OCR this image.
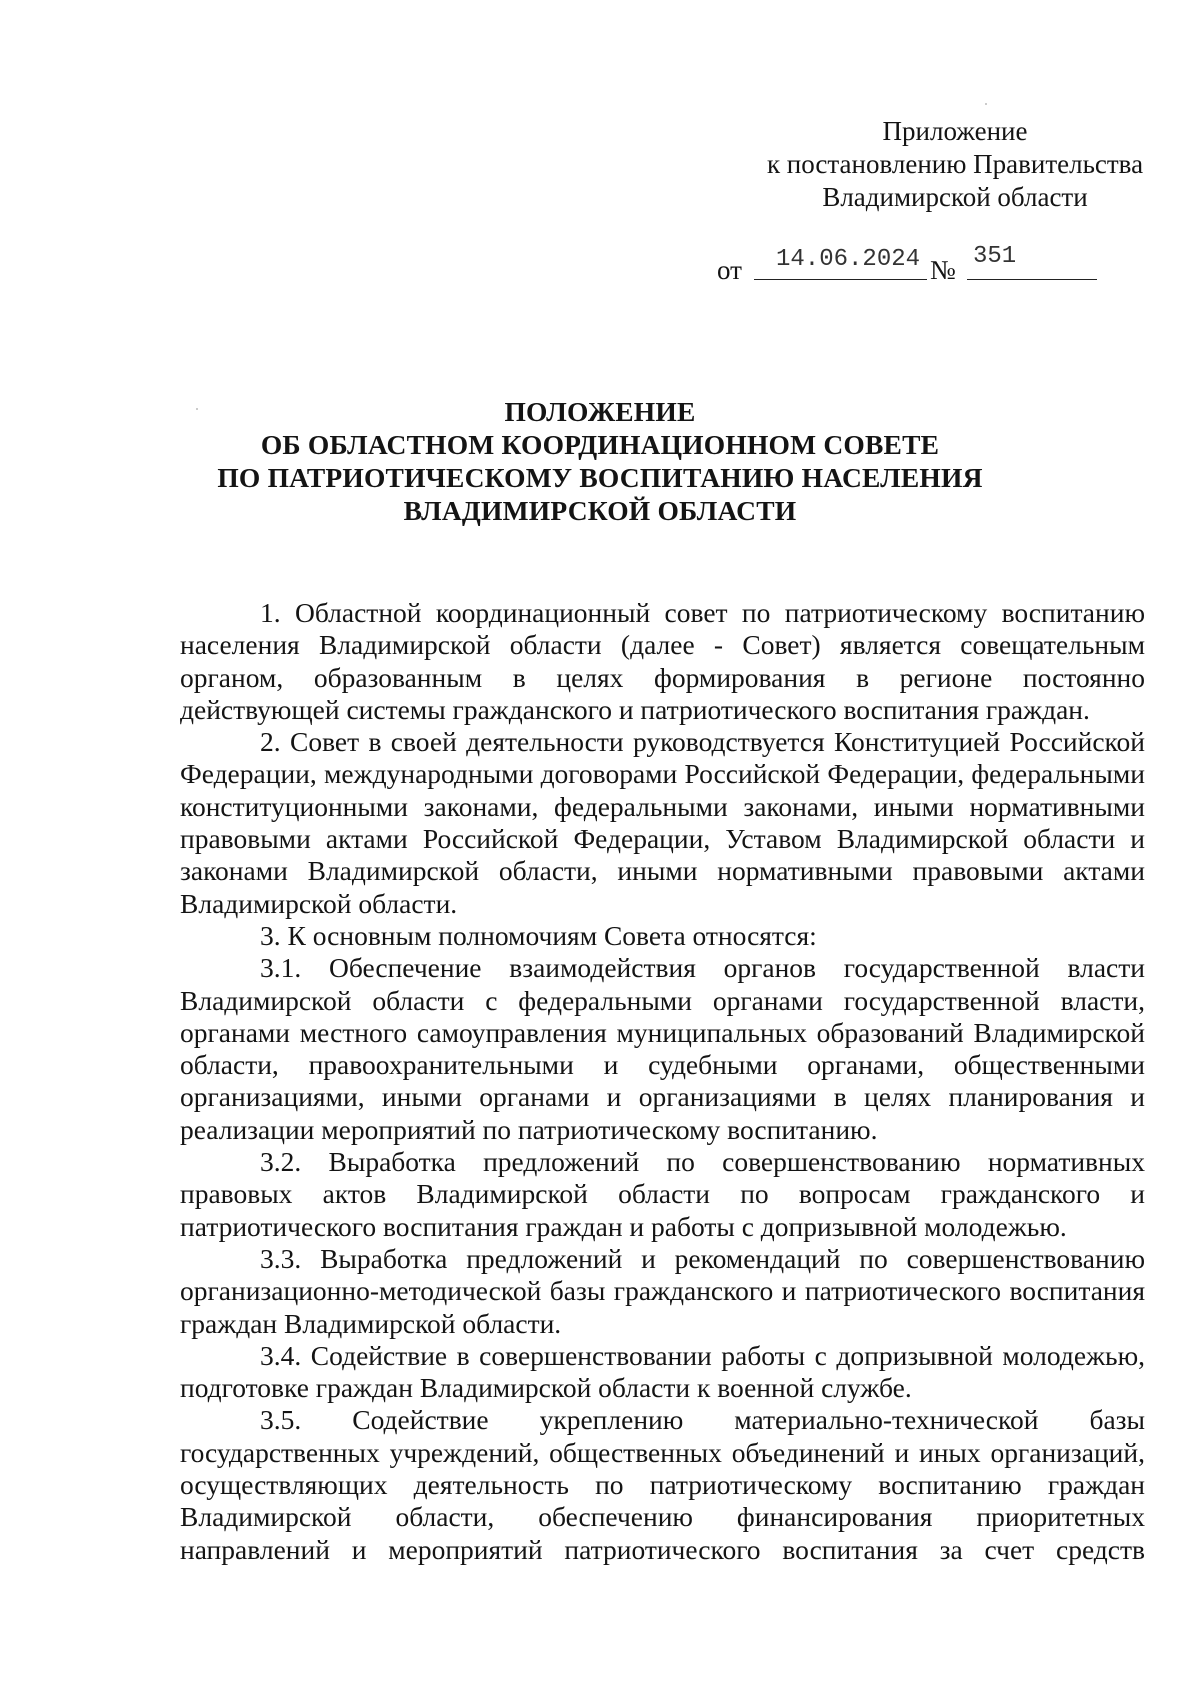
Приложение
к постановлению Правительства
Владимирской области
от 14.06.2024 № 351
ПОЛОЖЕНИЕ
ОБ ОБЛАСТНОМ КООРДИНАЦИОННОМ СОВЕТЕ
ПО ПАТРИОТИЧЕСКОМУ ВОСПИТАНИЮ НАСЕЛЕНИЯ
ВЛАДИМИРСКОЙ ОБЛАСТИ

1. Областной координационный совет по патриотическому воспитанию населения Владимирской области (далее - Совет) является совещательным органом, образованным в целях формирования в регионе постоянно действующей системы гражданского и патриотического воспитания граждан.

2. Совет в своей деятельности руководствуется Конституцией Российской Федерации, международными договорами Российской Федерации, федеральными конституционными законами, федеральными законами, иными нормативными правовыми актами Российской Федерации, Уставом Владимирской области и законами Владимирской области, иными нормативными правовыми актами Владимирской области.

3. К основным полномочиям Совета относятся:

3.1. Обеспечение взаимодействия органов государственной власти Владимирской области с федеральными органами государственной власти, органами местного самоуправления муниципальных образований Владимирской области, правоохранительными и судебными органами, общественными организациями, иными органами и организациями в целях планирования и реализации мероприятий по патриотическому воспитанию.

3.2. Выработка предложений по совершенствованию нормативных правовых актов Владимирской области по вопросам гражданского и патриотического воспитания граждан и работы с допризывной молодежью.

3.3. Выработка предложений и рекомендаций по совершенствованию организационно-методической базы гражданского и патриотического воспитания граждан Владимирской области.

3.4. Содействие в совершенствовании работы с допризывной молодежью, подготовке граждан Владимирской области к военной службе.

3.5. Содействие укреплению материально-технической базы государственных учреждений, общественных объединений и иных организаций, осуществляющих деятельность по патриотическому воспитанию граждан Владимирской области, обеспечению финансирования приоритетных направлений и мероприятий патриотического воспитания за счет средств
